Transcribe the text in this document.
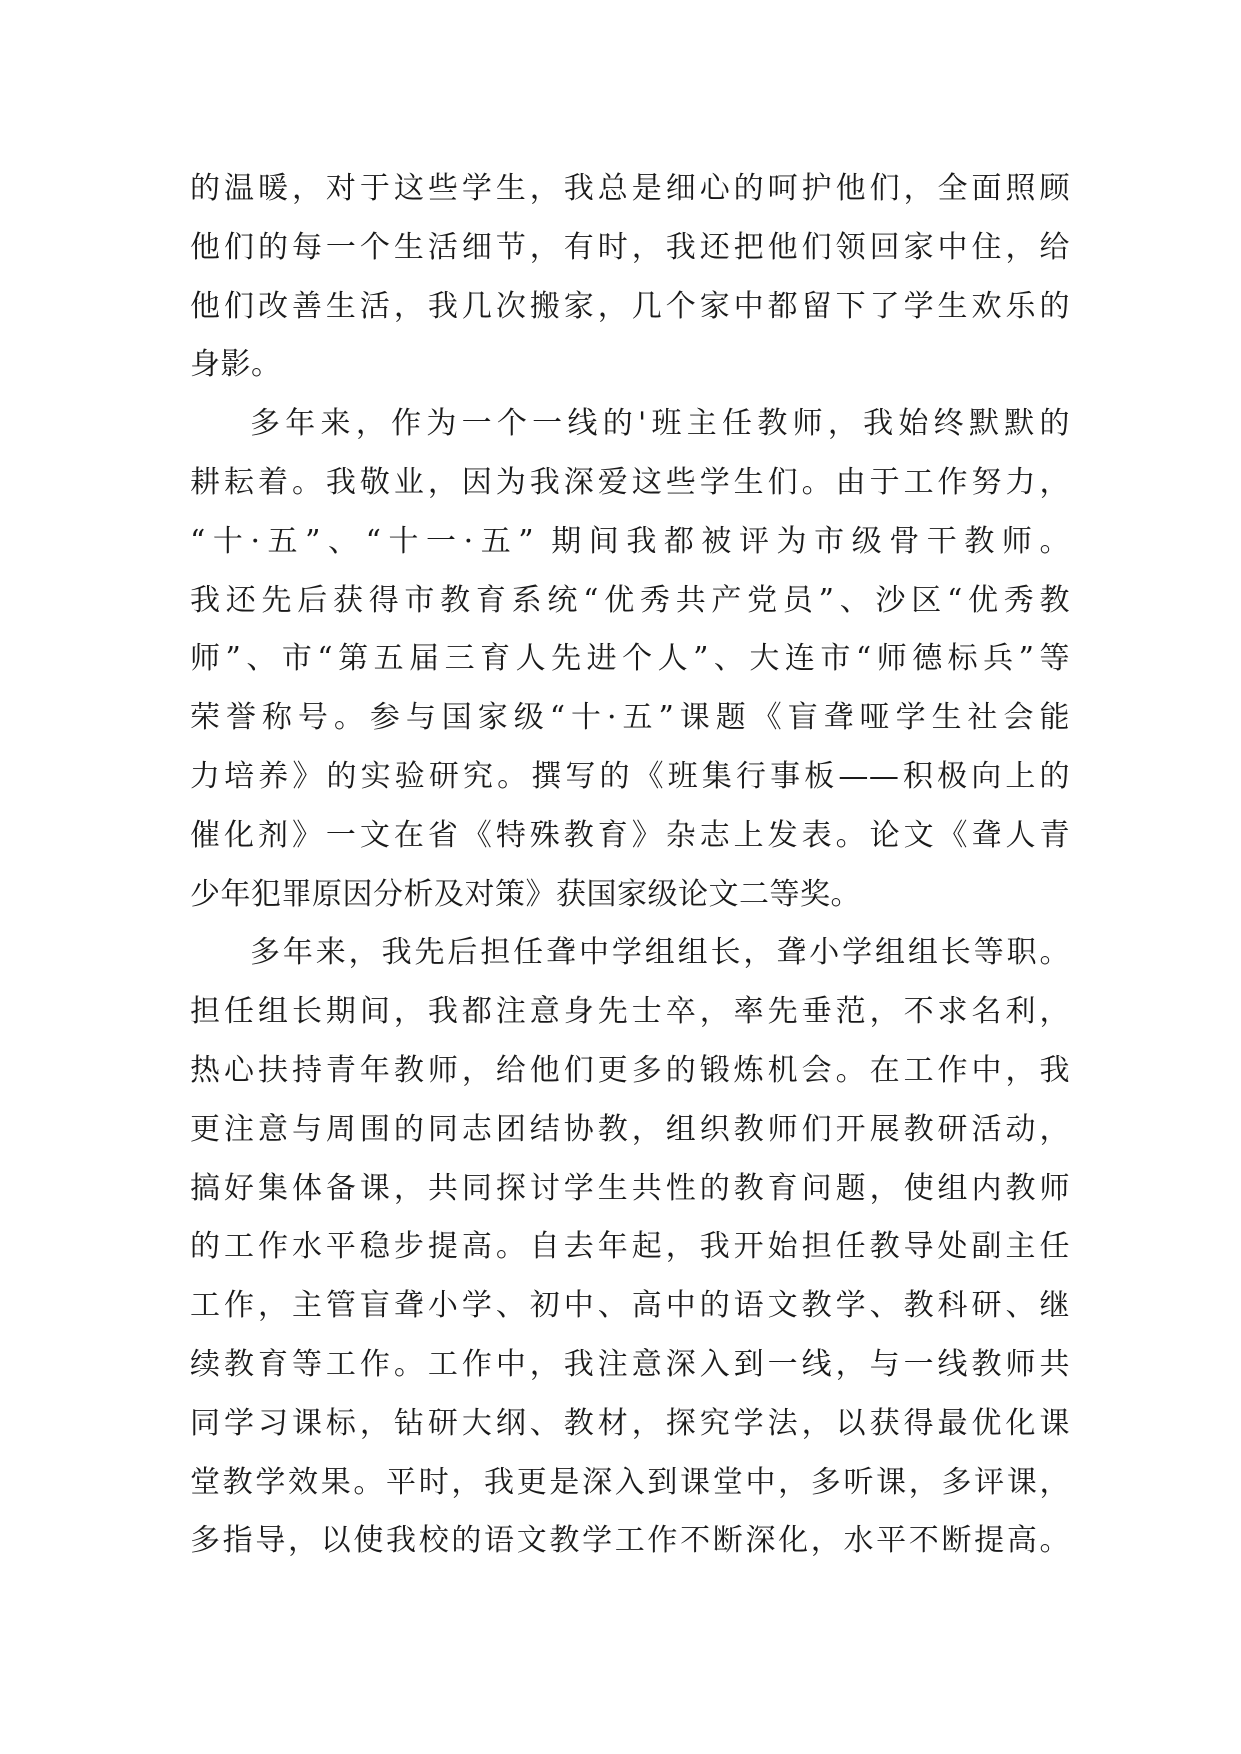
的温暖，对于这些学生，我总是细心的呵护他们，全面照顾
他们的每一个生活细节，有时，我还把他们领回家中住，给
他们改善生活，我几次搬家，几个家中都留下了学生欢乐的
身影。
多年来，作为一个一线的'班主任教师，我始终默默的
耕耘着。我敬业，因为我深爱这些学生们。由于工作努力，
“十·五”、“十一·五” 期间我都被评为市级骨干教师。
我还先后获得市教育系统“优秀共产党员”、沙区“优秀教
师”、市“第五届三育人先进个人”、大连市“师德标兵”等
荣誉称号。参与国家级“十·五”课题《盲聋哑学生社会能
力培养》的实验研究。撰写的《班集行事板——积极向上的
催化剂》一文在省《特殊教育》杂志上发表。论文《聋人青
少年犯罪原因分析及对策》获国家级论文二等奖。
多年来，我先后担任聋中学组组长，聋小学组组长等职。
担任组长期间，我都注意身先士卒，率先垂范，不求名利，
热心扶持青年教师，给他们更多的锻炼机会。在工作中，我
更注意与周围的同志团结协教，组织教师们开展教研活动，
搞好集体备课，共同探讨学生共性的教育问题，使组内教师
的工作水平稳步提高。自去年起，我开始担任教导处副主任
工作，主管盲聋小学、初中、高中的语文教学、教科研、继
续教育等工作。工作中，我注意深入到一线，与一线教师共
同学习课标，钻研大纲、教材，探究学法，以获得最优化课
堂教学效果。平时，我更是深入到课堂中，多听课，多评课，
多指导，以使我校的语文教学工作不断深化，水平不断提高。
